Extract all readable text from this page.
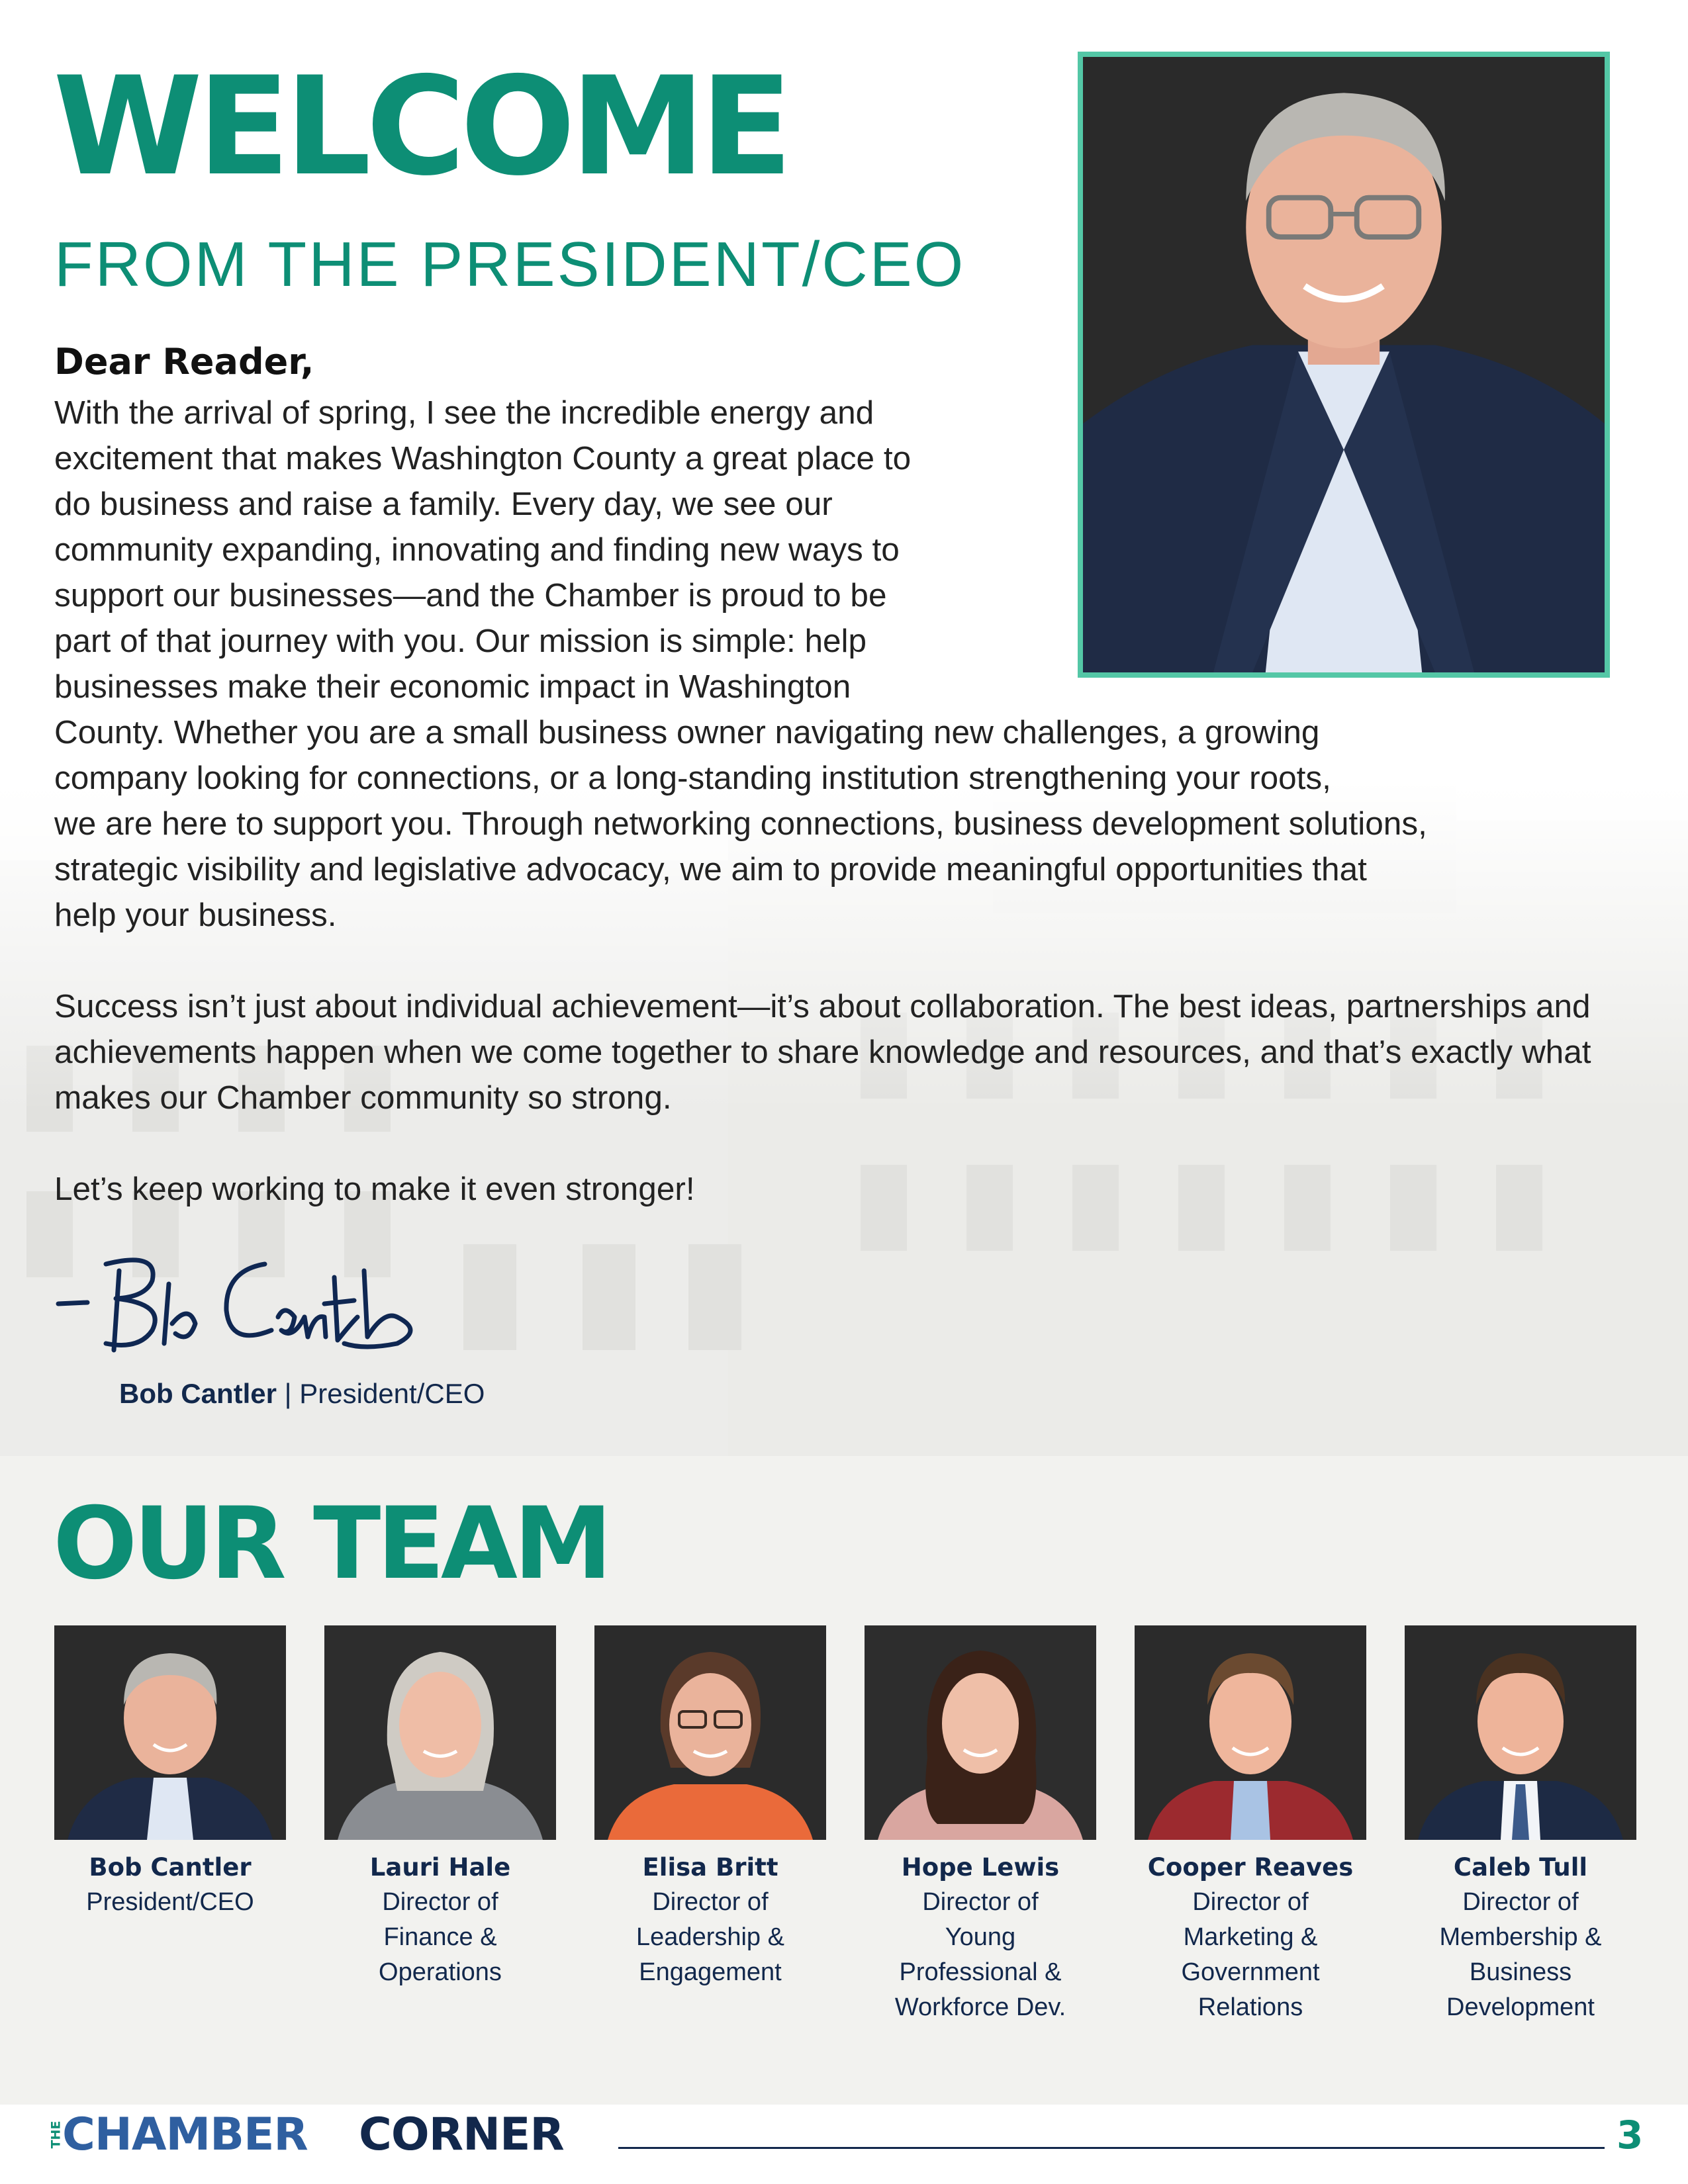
WELCOME
FROM THE PRESIDENT/CEO

Dear Reader,

With the arrival of spring, I see the incredible energy and
excitement that makes Washington County a great place to
do business and raise a family. Every day, we see our
community expanding, innovating and finding new ways to
support our businesses—and the Chamber is proud to be
part of that journey with you. Our mission is simple: help
businesses make their economic impact in Washington
County. Whether you are a small business owner navigating new challenges, a growing
company looking for connections, or a long-standing institution strengthening your roots,
we are here to support you. Through networking connections, business development solutions,
strategic visibility and legislative advocacy, we aim to provide meaningful opportunities that
help your business.

Success isn’t just about individual achievement—it’s about collaboration. The best ideas, partnerships and achievements happen when we come together to share knowledge and resources, and that’s exactly what makes our Chamber community so strong.

Let’s keep working to make it even stronger!

Bob Cantler | President/CEO
OUR TEAM
Bob Cantler
President/CEO
Lauri Hale
Director of
Finance &
Operations
Elisa Britt
Director of
Leadership &
Engagement
Hope Lewis
Director of
Young
Professional &
Workforce Dev.
Cooper Reaves
Director of
Marketing &
Government
Relations
Caleb Tull
Director of
Membership &
Business
Development
THE
CHAMBER CORNER	3
